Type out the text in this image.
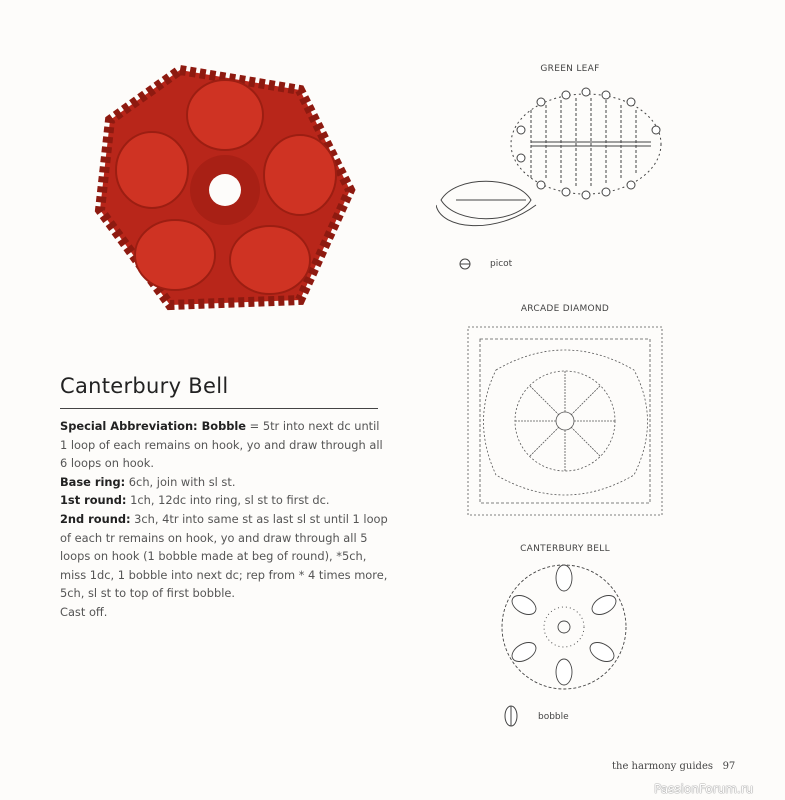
Canterbury Bell
Special Abbreviation: Bobble = 5tr into next dc until 1 loop of each remains on hook, yo and draw through all 6 loops on hook.
Base ring: 6ch, join with sl st.
1st round: 1ch, 12dc into ring, sl st to first dc.
2nd round: 3ch, 4tr into same st as last sl st until 1 loop of each tr remains on hook, yo and draw through all 5 loops on hook (1 bobble made at beg of round), *5ch, miss 1dc, 1 bobble into next dc; rep from * 4 times more, 5ch, sl st to top of first bobble.
Cast off.
GREEN LEAF
picot
ARCADE DIAMOND
CANTERBURY BELL
bobble
the harmony guides 97
PassionForum.ru
